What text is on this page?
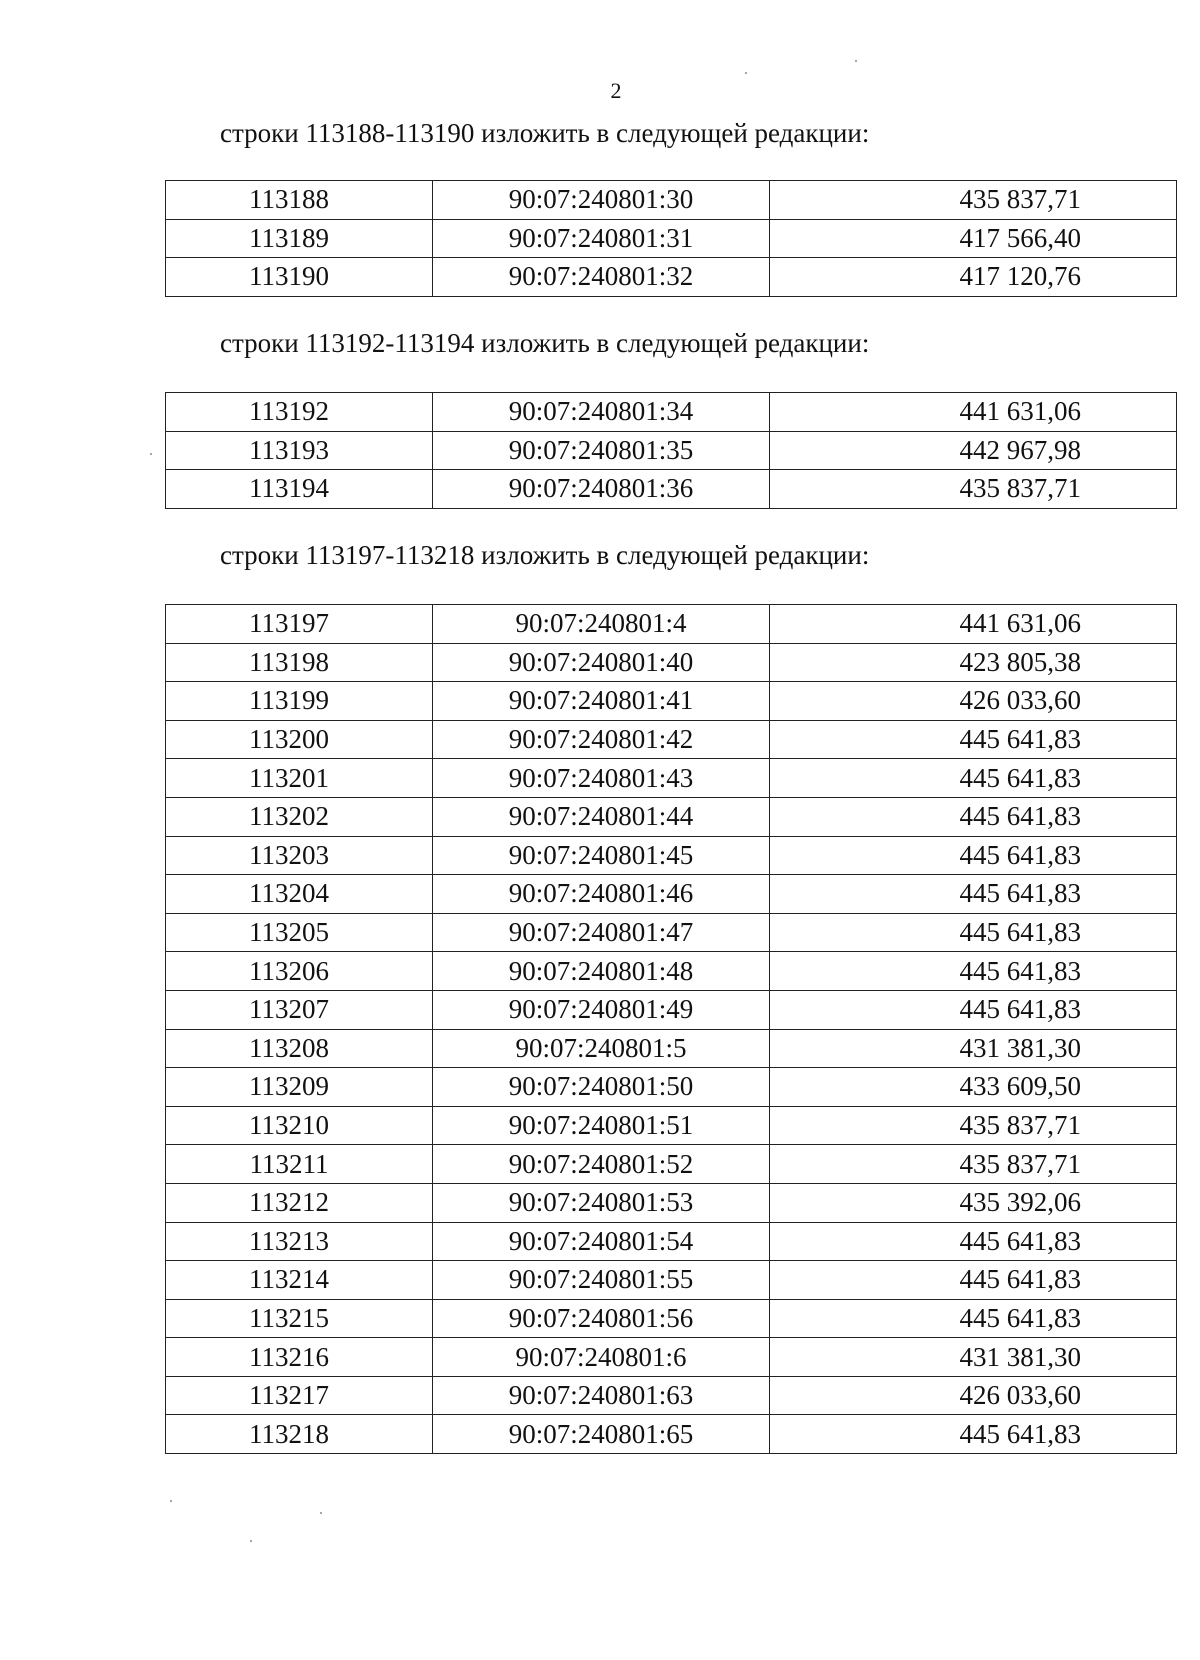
2
строки 113188-113190 изложить в следующей редакции:
113188	90:07:240801:30	435 837,71
113189	90:07:240801:31	417 566,40
113190	90:07:240801:32	417 120,76
строки 113192-113194 изложить в следующей редакции:
113192	90:07:240801:34	441 631,06
113193	90:07:240801:35	442 967,98
113194	90:07:240801:36	435 837,71
строки 113197-113218 изложить в следующей редакции:
113197	90:07:240801:4	441 631,06
113198	90:07:240801:40	423 805,38
113199	90:07:240801:41	426 033,60
113200	90:07:240801:42	445 641,83
113201	90:07:240801:43	445 641,83
113202	90:07:240801:44	445 641,83
113203	90:07:240801:45	445 641,83
113204	90:07:240801:46	445 641,83
113205	90:07:240801:47	445 641,83
113206	90:07:240801:48	445 641,83
113207	90:07:240801:49	445 641,83
113208	90:07:240801:5	431 381,30
113209	90:07:240801:50	433 609,50
113210	90:07:240801:51	435 837,71
113211	90:07:240801:52	435 837,71
113212	90:07:240801:53	435 392,06
113213	90:07:240801:54	445 641,83
113214	90:07:240801:55	445 641,83
113215	90:07:240801:56	445 641,83
113216	90:07:240801:6	431 381,30
113217	90:07:240801:63	426 033,60
113218	90:07:240801:65	445 641,83
